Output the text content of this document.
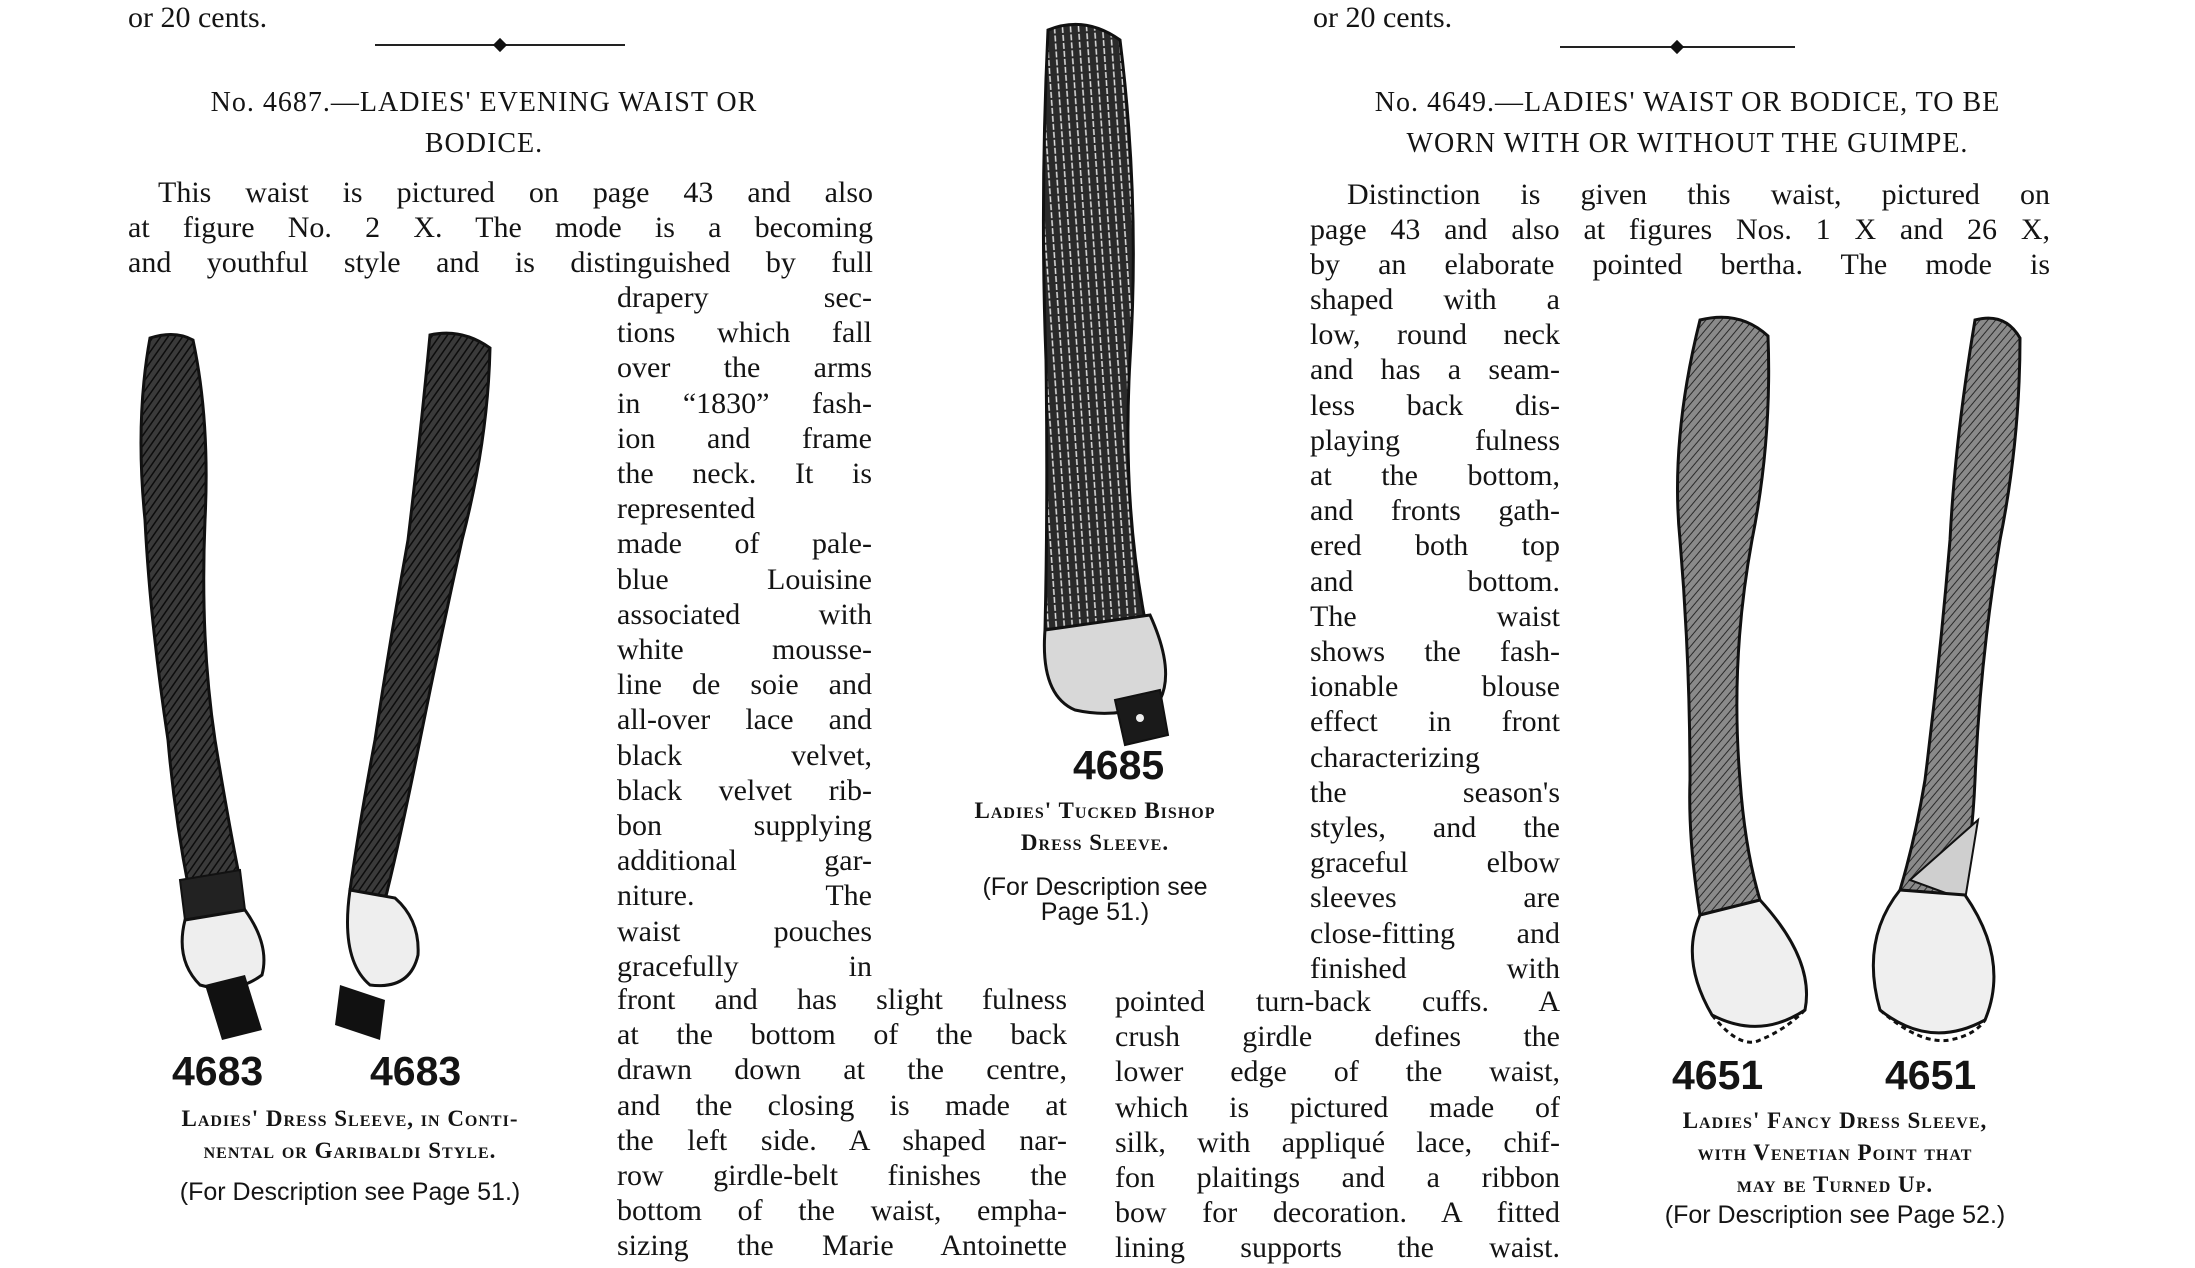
or 20 cents.	or 20 cents.
No. 4687.—LADIES' EVENING WAIST OR
BODICE.
This waist is pictured on page 43 and also
at figure No. 2 X. The mode is a becoming
and youthful style and is distinguished by full
drapery sec-
tions which fall
over the arms
in “1830” fash-
ion and frame
the neck. It is
represented
made of pale-
blue Louisine
associated with
white mousse-
line de soie and
all-over lace and
black velvet,
black velvet rib-
bon supplying
additional gar-
niture. The
waist pouches
gracefully in
front and has slight fulness
at the bottom of the back
drawn down at the centre,
and the closing is made at
the left side. A shaped nar-
row girdle-belt finishes the
bottom of the waist, empha-
sizing the Marie Antoinette
No. 4649.—LADIES' WAIST OR BODICE, TO BE
WORN WITH OR WITHOUT THE GUIMPE.
Distinction is given this waist, pictured on
page 43 and also at figures Nos. 1 X and 26 X,
by an elaborate pointed bertha. The mode is
shaped with a
low, round neck
and has a seam-
less back dis-
playing fulness
at the bottom,
and fronts gath-
ered both top
and bottom.
The waist
shows the fash-
ionable blouse
effect in front
characterizing
the season's
styles, and the
graceful elbow
sleeves are
close-fitting and
finished with
pointed turn-back cuffs. A
crush girdle defines the
lower edge of the waist,
which is pictured made of
silk, with appliqué lace, chif-
fon plaitings and a ribbon
bow for decoration. A fitted
lining supports the waist.
4683	4683
Ladies' Dress Sleeve, in Conti-
nental or Garibaldi Style.
(For Description see Page 51.)
4685
Ladies' Tucked Bishop
Dress Sleeve.
(For Description see
Page 51.)
4651	4651
Ladies' Fancy Dress Sleeve,
with Venetian Point that
may be Turned Up.
(For Description see Page 52.)
